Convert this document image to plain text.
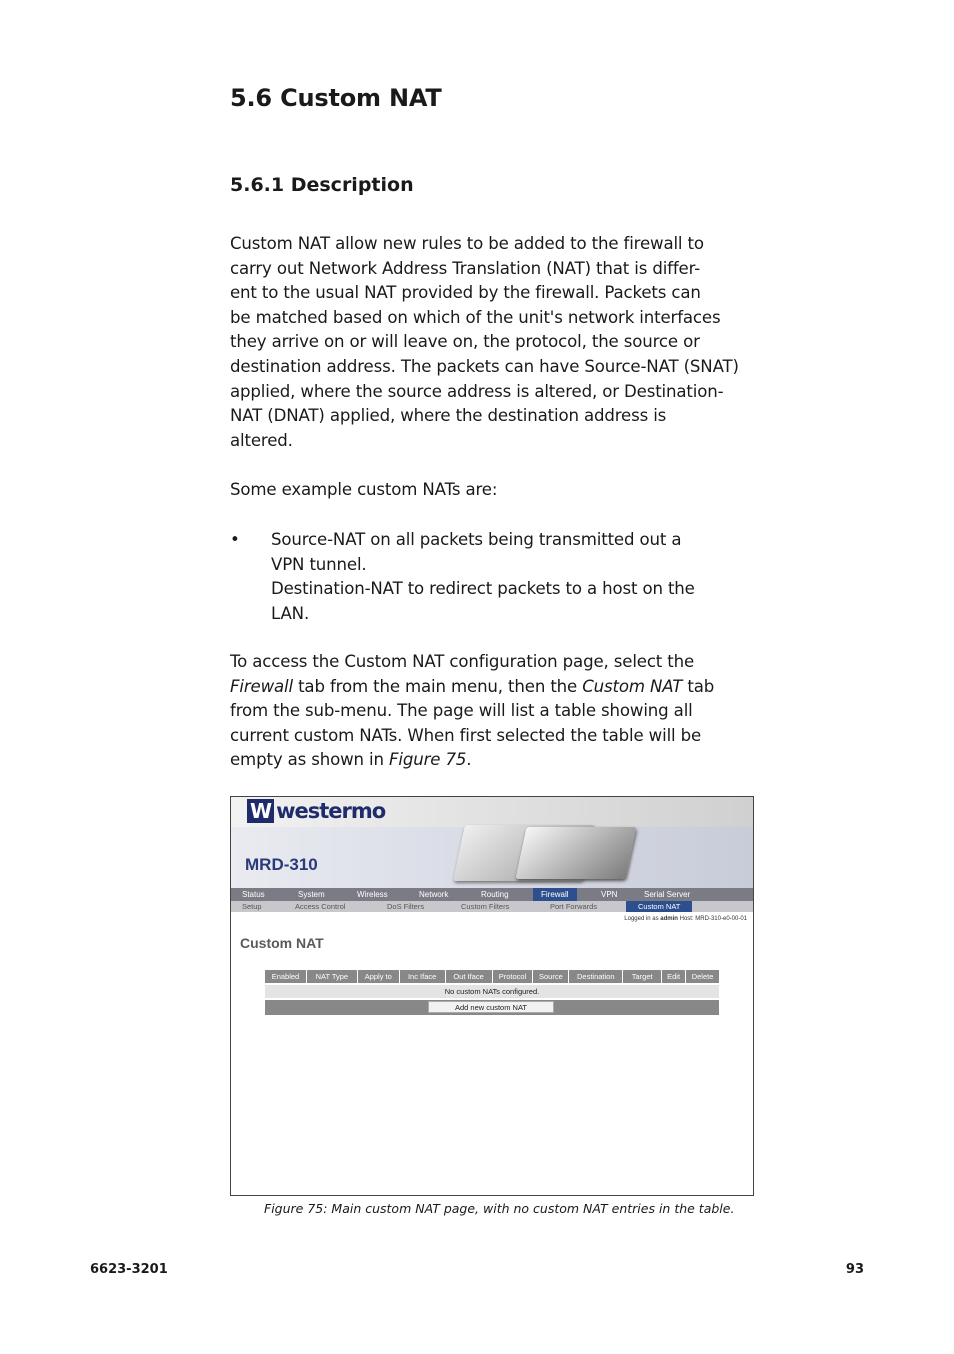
5.6 Custom NAT
5.6.1 Description

Custom NAT allow new rules to be added to the firewall to
carry out Network Address Translation (NAT) that is differ-
ent to the usual NAT provided by the firewall. Packets can
be matched based on which of the unit's network interfaces
they arrive on or will leave on, the protocol, the source or
destination address. The packets can have Source-NAT (SNAT)
applied, where the source address is altered, or Destination-
NAT (DNAT) applied, where the destination address is
altered.

Some example custom NATs are:

• Source-NAT on all packets being transmitted out a
VPN tunnel.
Destination-NAT to redirect packets to a host on the
LAN.

To access the Custom NAT configuration page, select the
Firewall tab from the main menu, then the Custom NAT tab
from the sub-menu. The page will list a table showing all
current custom NATs. When first selected the table will be
empty as shown in Figure 75.

W westermo
MRD-310
Status	System	Wireless	Network	Routing	Firewall	VPN	Serial Server
Setup	Access Control	DoS Filters	Custom Filters	Port Forwards	Custom NAT
Logged in as admin Host: MRD-310-e0-00-01
Custom NAT
Enabled	NAT Type	Apply to	Inc Iface	Out Iface	Protocol	Source	Destination	Target	Edit	Delete
No custom NATs configured.
Add new custom NAT
Figure 75: Main custom NAT page, with no custom NAT entries in the table.
6623-3201	93
